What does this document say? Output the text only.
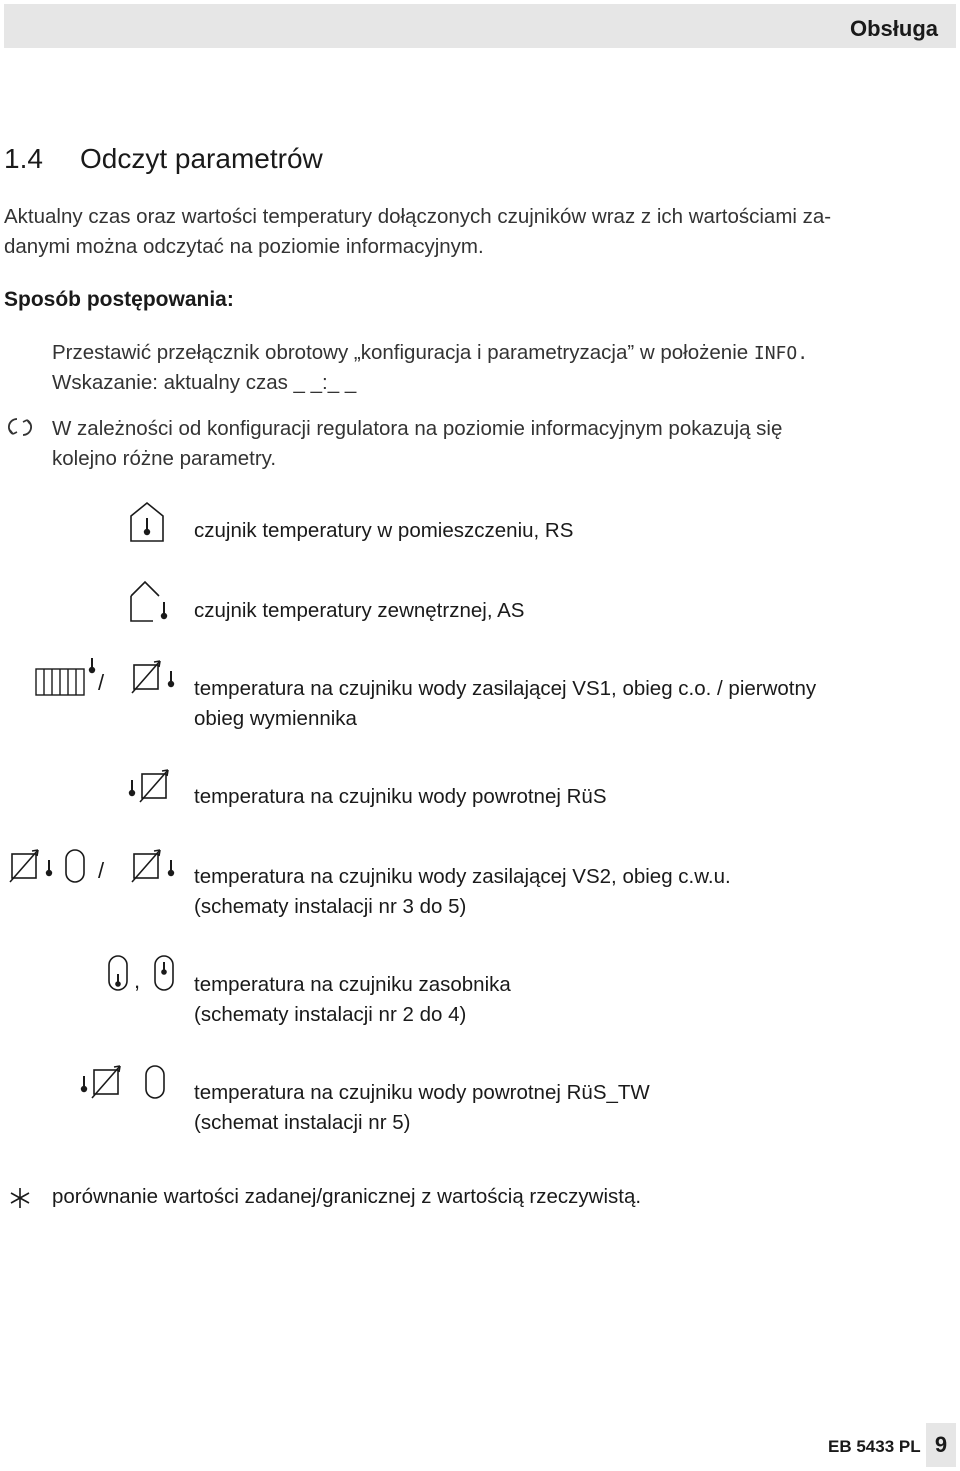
Obsługa
1.4 Odczyt parametrów
Aktualny czas oraz wartości temperatury dołączonych czujników wraz z ich wartościami za-
danymi można odczytać na poziomie informacyjnym.
Sposób postępowania:
Przestawić przełącznik obrotowy „konfiguracja i parametryzacja” w położenie INFO.
Wskazanie: aktualny czas _ _:_ _
W zależności od konfiguracji regulatora na poziomie informacyjnym pokazują się
kolejno różne parametry.
czujnik temperatury w pomieszczeniu, RS
czujnik temperatury zewnętrznej, AS
/	temperatura na czujniku wody zasilającej VS1, obieg c.o. / pierwotny
obieg wymiennika
temperatura na czujniku wody powrotnej RüS
/	temperatura na czujniku wody zasilającej VS2, obieg c.w.u.
(schematy instalacji nr 3 do 5)
,	temperatura na czujniku zasobnika
(schematy instalacji nr 2 do 4)
temperatura na czujniku wody powrotnej RüS_TW
(schemat instalacji nr 5)
porównanie wartości zadanej/granicznej z wartością rzeczywistą.
EB 5433 PL 9
